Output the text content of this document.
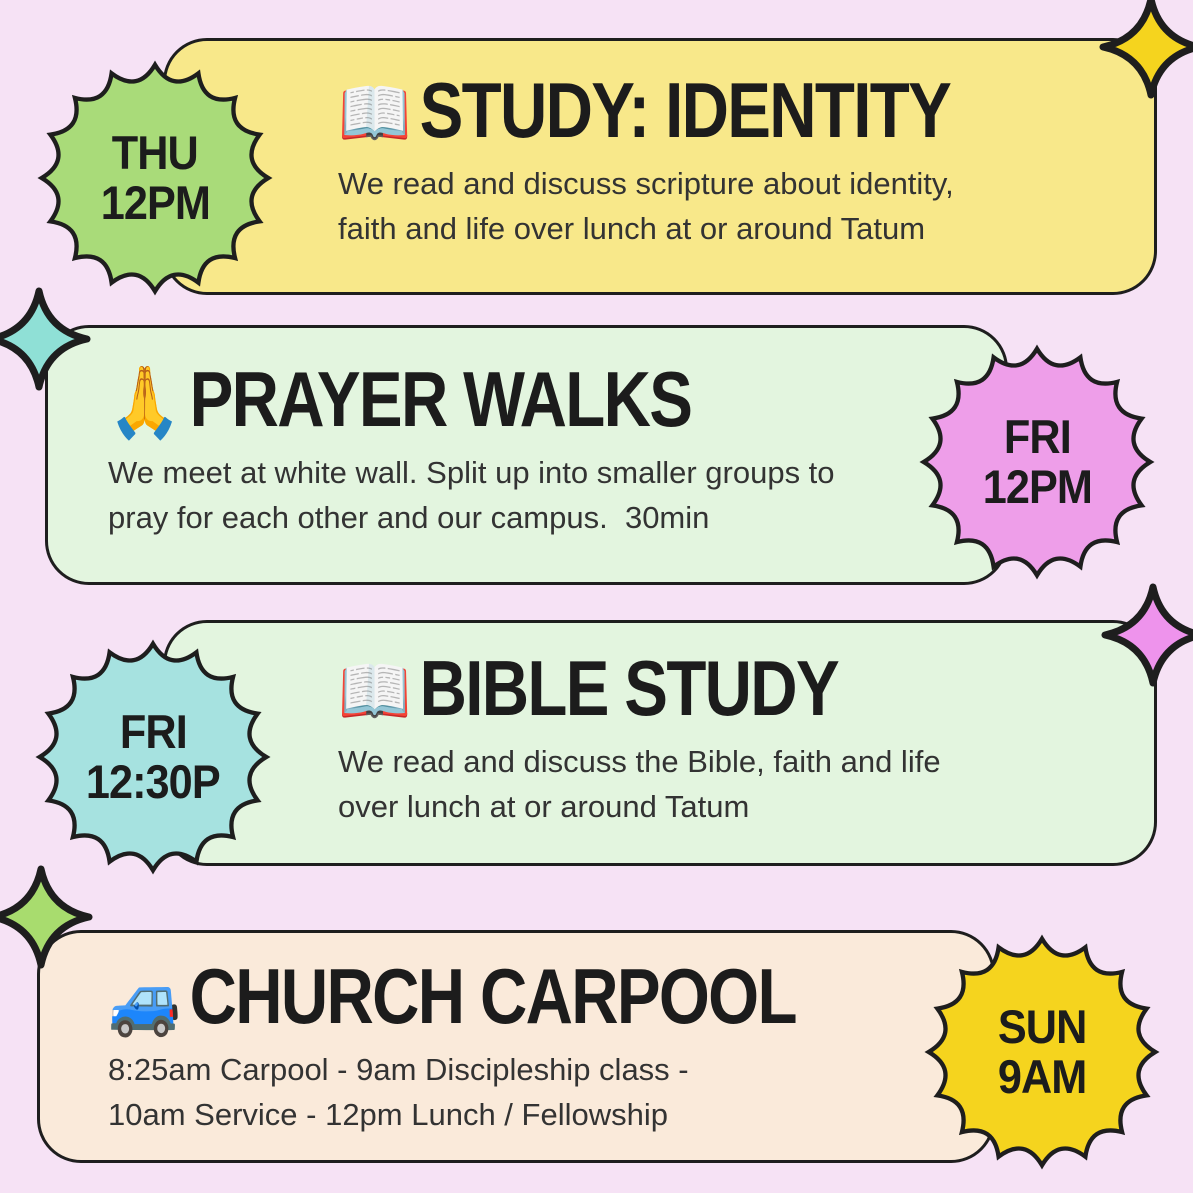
📖 STUDY: IDENTITY

We read and discuss scripture about identity,
faith and life over lunch at or around Tatum

🙏 PRAYER WALKS

We meet at white wall. Split up into smaller groups to
pray for each other and our campus.  30min

📖 BIBLE STUDY

We read and discuss the Bible, faith and life
over lunch at or around Tatum

🚙 CHURCH CARPOOL

8:25am Carpool - 9am Discipleship class -
10am Service - 12pm Lunch / Fellowship

THU
12PM
FRI
12PM
FRI
12:30P
SUN
9AM
